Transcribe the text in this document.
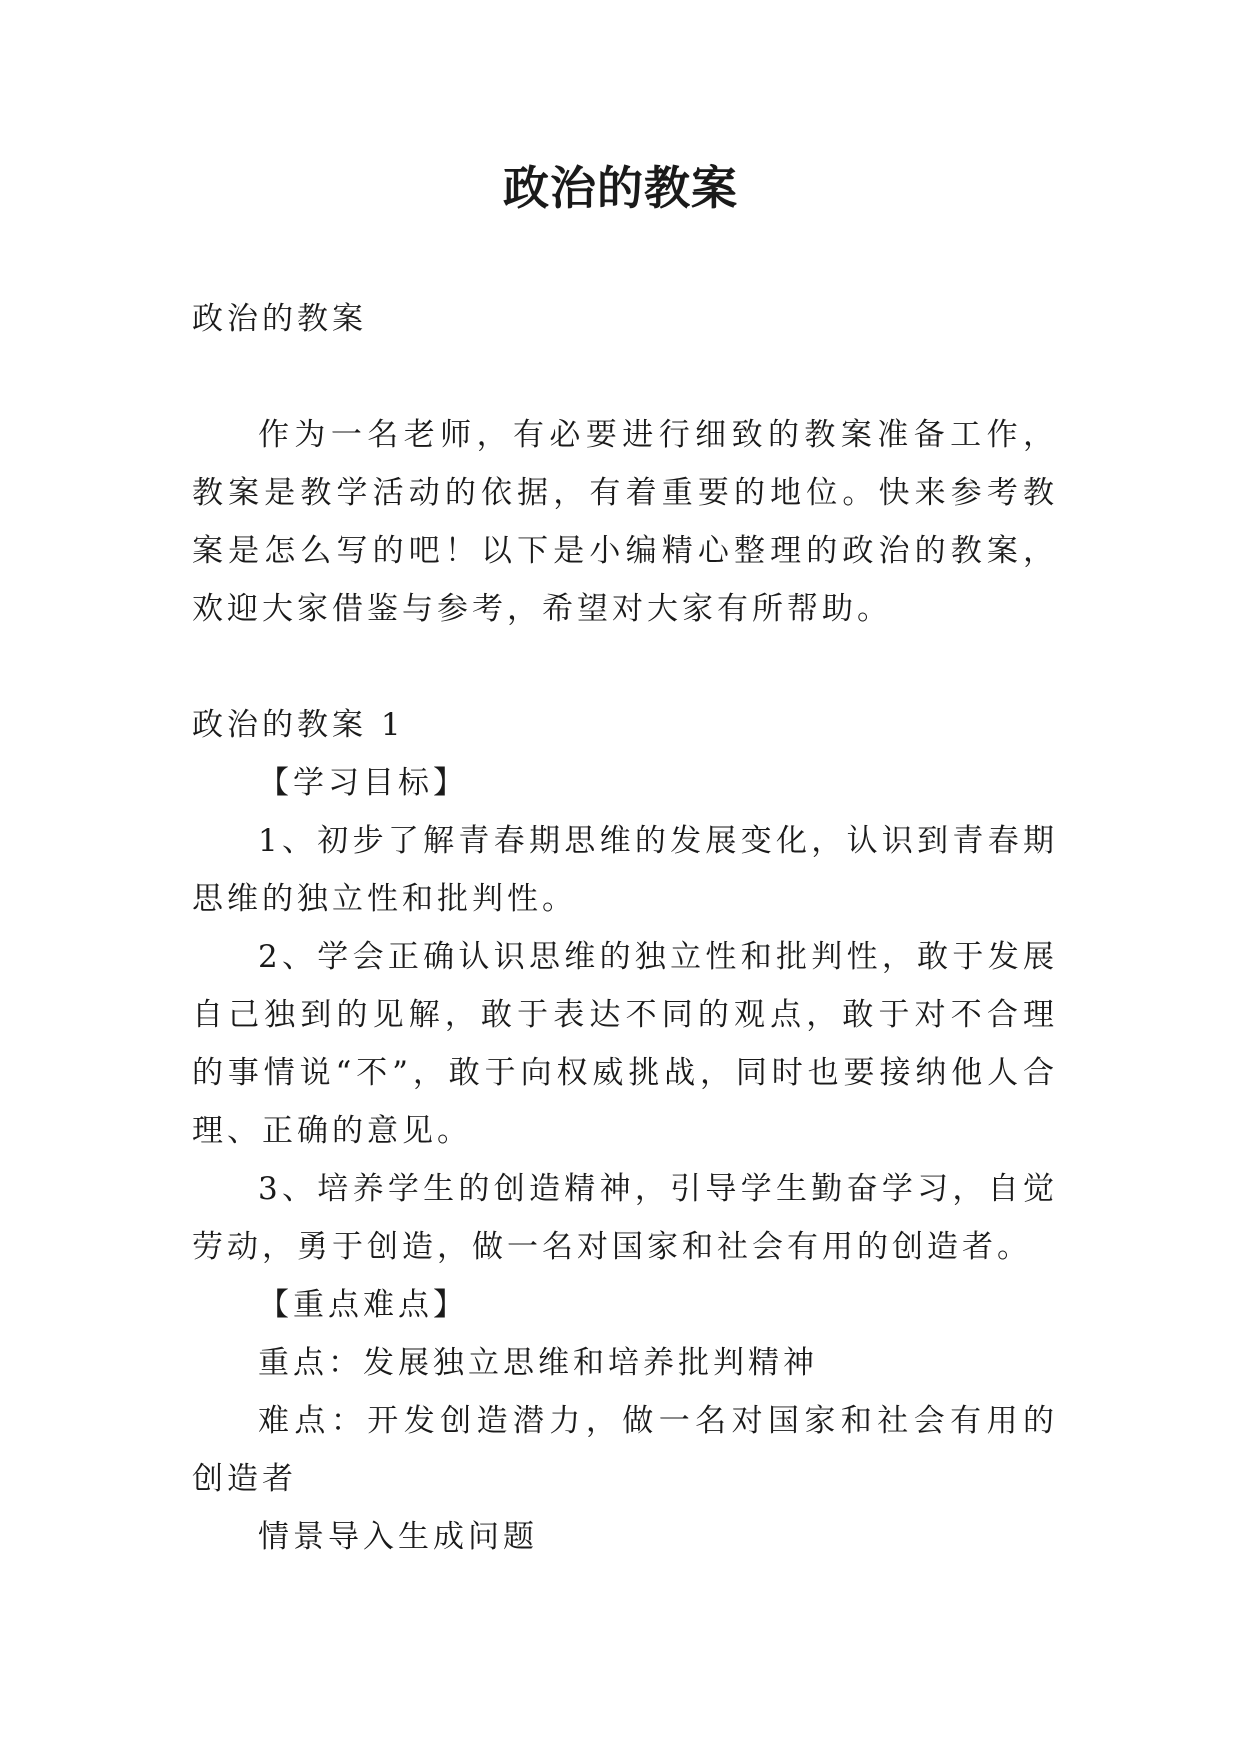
政治的教案

政治的教案

作为一名老师，有必要进行细致的教案准备工作，教案是教学活动的依据，有着重要的地位。快来参考教案是怎么写的吧！以下是小编精心整理的政治的教案，欢迎大家借鉴与参考，希望对大家有所帮助。

政治的教案 1

【学习目标】

1、初步了解青春期思维的发展变化，认识到青春期思维的独立性和批判性。

2、学会正确认识思维的独立性和批判性，敢于发展自己独到的见解，敢于表达不同的观点，敢于对不合理的事情说“不”，敢于向权威挑战，同时也要接纳他人合理、正确的意见。

3、培养学生的创造精神，引导学生勤奋学习，自觉劳动，勇于创造，做一名对国家和社会有用的创造者。

【重点难点】

重点：发展独立思维和培养批判精神

难点：开发创造潜力，做一名对国家和社会有用的创造者

情景导入生成问题
